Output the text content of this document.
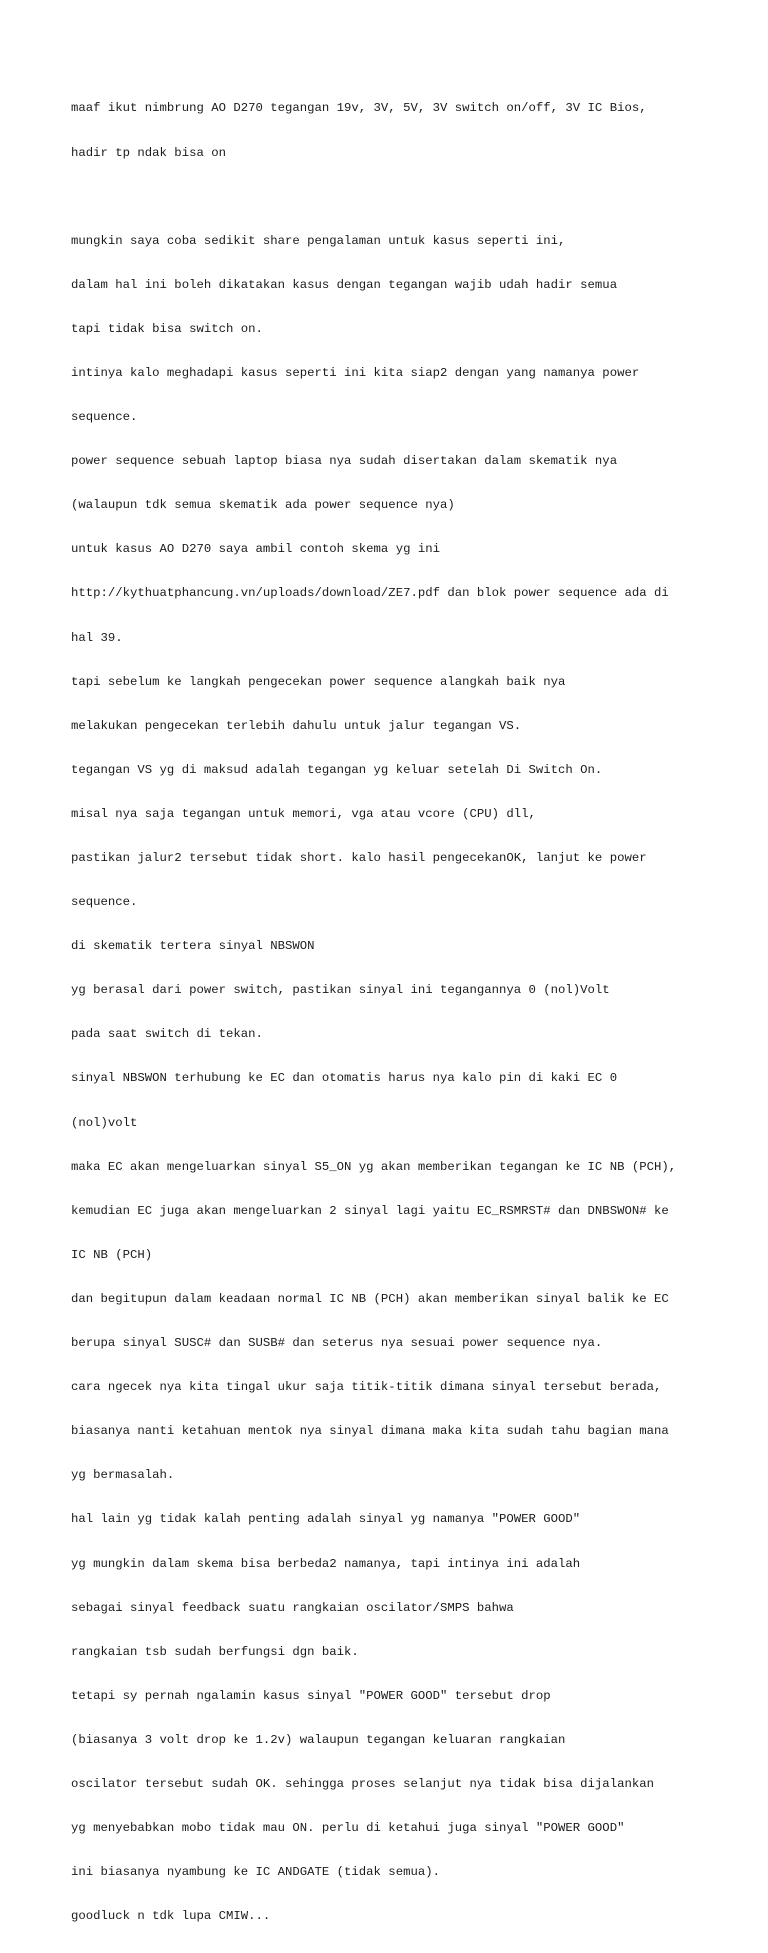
maaf ikut nimbrung AO D270 tegangan 19v, 3V, 5V, 3V switch on/off, 3V IC Bios,

hadir tp ndak bisa on

mungkin saya coba sedikit share pengalaman untuk kasus seperti ini,

dalam hal ini boleh dikatakan kasus dengan tegangan wajib udah hadir semua

tapi tidak bisa switch on.

intinya kalo meghadapi kasus seperti ini kita siap2 dengan yang namanya power

sequence.

power sequence sebuah laptop biasa nya sudah disertakan dalam skematik nya

(walaupun tdk semua skematik ada power sequence nya)

untuk kasus AO D270 saya ambil contoh skema yg ini

http://kythuatphancung.vn/uploads/download/ZE7.pdf dan blok power sequence ada di

hal 39.

tapi sebelum ke langkah pengecekan power sequence alangkah baik nya

melakukan pengecekan terlebih dahulu untuk jalur tegangan VS.

tegangan VS yg di maksud adalah tegangan yg keluar setelah Di Switch On.

misal nya saja tegangan untuk memori, vga atau vcore (CPU) dll,

pastikan jalur2 tersebut tidak short. kalo hasil pengecekanOK, lanjut ke power

sequence.

di skematik tertera sinyal NBSWON

yg berasal dari power switch, pastikan sinyal ini tegangannya 0 (nol)Volt

pada saat switch di tekan.

sinyal NBSWON terhubung ke EC dan otomatis harus nya kalo pin di kaki EC 0

(nol)volt

maka EC akan mengeluarkan sinyal S5_ON yg akan memberikan tegangan ke IC NB (PCH),

kemudian EC juga akan mengeluarkan 2 sinyal lagi yaitu EC_RSMRST# dan DNBSWON# ke

IC NB (PCH)

dan begitupun dalam keadaan normal IC NB (PCH) akan memberikan sinyal balik ke EC

berupa sinyal SUSC# dan SUSB# dan seterus nya sesuai power sequence nya.

cara ngecek nya kita tingal ukur saja titik-titik dimana sinyal tersebut berada,

biasanya nanti ketahuan mentok nya sinyal dimana maka kita sudah tahu bagian mana

yg bermasalah.

hal lain yg tidak kalah penting adalah sinyal yg namanya "POWER GOOD"

yg mungkin dalam skema bisa berbeda2 namanya, tapi intinya ini adalah

sebagai sinyal feedback suatu rangkaian oscilator/SMPS bahwa

rangkaian tsb sudah berfungsi dgn baik.

tetapi sy pernah ngalamin kasus sinyal "POWER GOOD" tersebut drop

(biasanya 3 volt drop ke 1.2v) walaupun tegangan keluaran rangkaian

oscilator tersebut sudah OK. sehingga proses selanjut nya tidak bisa dijalankan

yg menyebabkan mobo tidak mau ON. perlu di ketahui juga sinyal "POWER GOOD"

ini biasanya nyambung ke IC ANDGATE (tidak semua).

goodluck n tdk lupa CMIW...
